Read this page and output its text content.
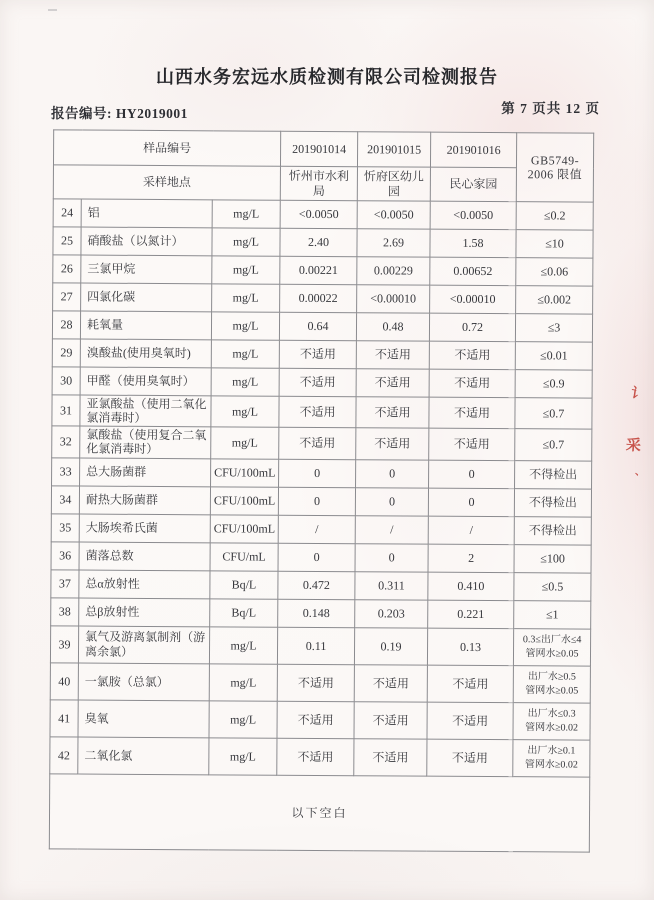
山西水务宏远水质检测有限公司检测报告
报告编号: HY2019001	第 7 页共 12 页
样品编号			201901014	201901015	201901016	GB5749-
2006 限值
采样地点			忻州市水利局	忻府区幼儿园	民心家园	
24	铝	mg/L	<0.0050	<0.0050	<0.0050	≤0.2
25	硝酸盐（以氮计）	mg/L	2.40	2.69	1.58	≤10
26	三氯甲烷	mg/L	0.00221	0.00229	0.00652	≤0.06
27	四氯化碳	mg/L	0.00022	<0.00010	<0.00010	≤0.002
28	耗氧量	mg/L	0.64	0.48	0.72	≤3
29	溴酸盐(使用臭氧时)	mg/L	不适用	不适用	不适用	≤0.01
30	甲醛（使用臭氧时）	mg/L	不适用	不适用	不适用	≤0.9
31	亚氯酸盐（使用二氧化氯消毒时）	mg/L	不适用	不适用	不适用	≤0.7
32	氯酸盐（使用复合二氧化氯消毒时）	mg/L	不适用	不适用	不适用	≤0.7
33	总大肠菌群	CFU/100mL	0	0	0	不得检出
34	耐热大肠菌群	CFU/100mL	0	0	0	不得检出
35	大肠埃希氏菌	CFU/100mL	/	/	/	不得检出
36	菌落总数	CFU/mL	0	0	2	≤100
37	总α放射性	Bq/L	0.472	0.311	0.410	≤0.5
38	总β放射性	Bq/L	0.148	0.203	0.221	≤1
39	氯气及游离氯制剂（游离余氯）	mg/L	0.11	0.19	0.13	0.3≤出厂水≤4
管网水≥0.05
40	一氯胺（总氯）	mg/L	不适用	不适用	不适用	出厂水≥0.5
管网水≥0.05
41	臭氧	mg/L	不适用	不适用	不适用	出厂水≤0.3
管网水≥0.02
42	二氧化氯	mg/L	不适用	不适用	不适用	出厂水≥0.1
管网水≥0.02
以下空白						
讠
采
、
